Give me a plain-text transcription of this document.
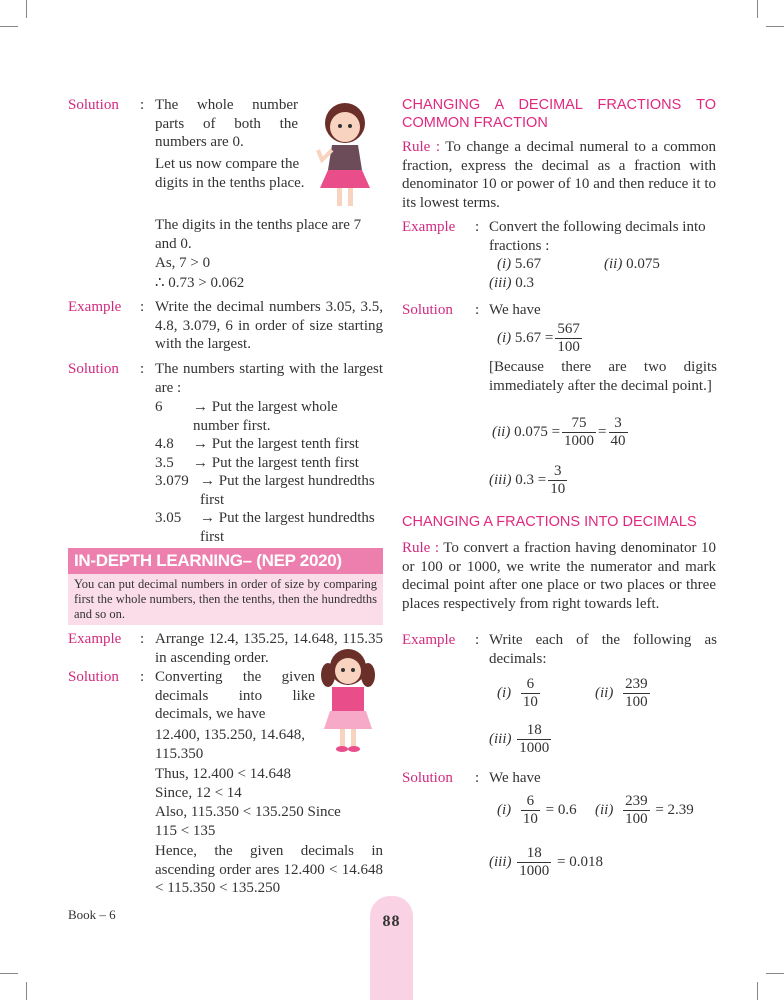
Solution : The whole number parts of both the numbers are 0.
Let us now compare the digits in the tenths place.
The digits in the tenths place are 7 and 0.
As, 7 > 0
∴ 0.73 > 0.062
Example : Write the decimal numbers 3.05, 3.5, 4.8, 3.079, 6 in order of size starting with the largest.
Solution : The numbers starting with the largest are :
6	→ Put the largest whole number first.
4.8	→ Put the largest tenth first
3.5	→ Put the largest tenth first
3.079 → Put the largest hundredths first
3.05	→ Put the largest hundredths first
IN-DEPTH LEARNING– (NEP 2020)
You can put decimal numbers in order of size by comparing first the whole numbers, then the tenths, then the hundredths and so on.
Example : Arrange 12.4, 135.25, 14.648, 115.35 in ascending order.
Solution : Converting the given decimals into like decimals, we have
12.400, 135.250, 14.648, 115.350
Thus, 12.400 < 14.648
Since, 12 < 14
Also, 115.350 < 135.250 Since
115 < 135
Hence, the given decimals in ascending order ares 12.400 < 14.648 < 115.350 < 135.250
CHANGING A DECIMAL FRACTIONS TO COMMON FRACTION
Rule : To change a decimal numeral to a common fraction, express the decimal as a fraction with denominator 10 or power of 10 and then reduce it to its lowest terms.
Example : Convert the following decimals into fractions :
(i) 5.67	(ii) 0.075
(iii) 0.3
Solution : We have
(i) $5.67 = \frac{567}{100}$
[Because there are two digits immediately after the decimal point.]
(ii) $0.075 = \frac{75}{1000} = \frac{3}{40}$
(iii) $0.3 = \frac{3}{10}$
CHANGING A FRACTIONS INTO DECIMALS
Rule : To convert a fraction having denominator 10 or 100 or 1000, we write the numerator and mark decimal point after one place or two places or three places respectively from right towards left.
Example : Write each of the following as decimals:
$(i) \frac{6}{10}$	$(ii) \frac{239}{100}$
$(iii) \frac{18}{1000}$
Solution : We have
$(i) \frac{6}{10} = 0.6$ $(ii) \frac{239}{100} = 2.39$
$(iii) \frac{18}{1000} = 0.018$
Book – 6	88
